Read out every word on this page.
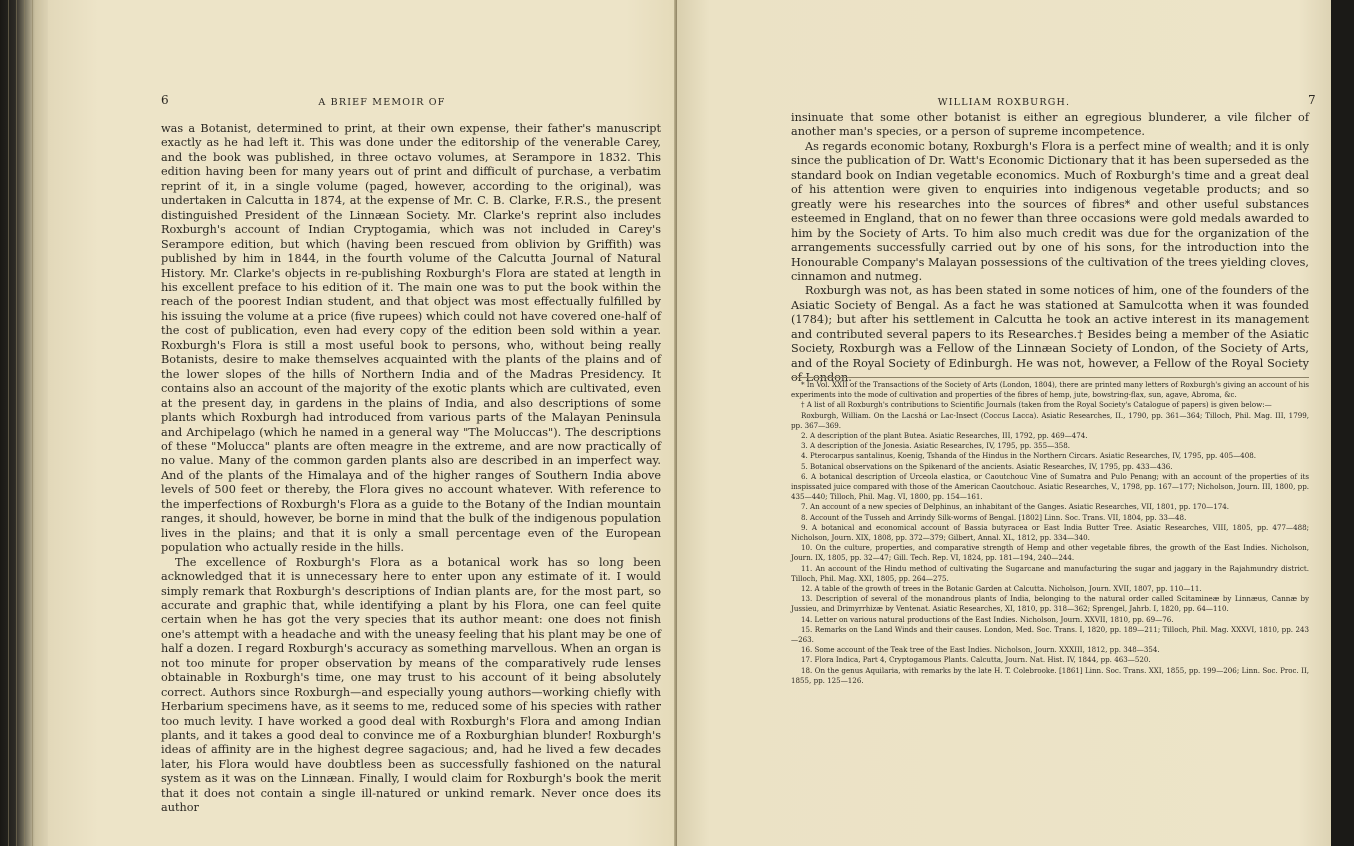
6	A BRIEF MEMOIR OF

was a Botanist, determined to print, at their own expense, their father's manuscript exactly as he had left it. This was done under the editorship of the venerable Carey, and the book was published, in three octavo volumes, at Serampore in 1832. This edition having been for many years out of print and difficult of purchase, a verbatim reprint of it, in a single volume (paged, however, according to the original), was undertaken in Calcutta in 1874, at the expense of Mr. C. B. Clarke, F.R.S., the present distinguished President of the Linnæan Society. Mr. Clarke's reprint also includes Roxburgh's account of Indian Cryptogamia, which was not included in Carey's Serampore edition, but which (having been rescued from oblivion by Griffith) was published by him in 1844, in the fourth volume of the Calcutta Journal of Natural History. Mr. Clarke's objects in re-publishing Roxburgh's Flora are stated at length in his excellent preface to his edition of it. The main one was to put the book within the reach of the poorest Indian student, and that object was most effectually fulfilled by his issuing the volume at a price (five rupees) which could not have covered one-half of the cost of publication, even had every copy of the edition been sold within a year. Roxburgh's Flora is still a most useful book to persons, who, without being really Botanists, desire to make themselves acquainted with the plants of the plains and of the lower slopes of the hills of Northern India and of the Madras Presidency. It contains also an account of the majority of the exotic plants which are cultivated, even at the present day, in gardens in the plains of India, and also descriptions of some plants which Roxburgh had introduced from various parts of the Malayan Peninsula and Archipelago (which he named in a general way "The Moluccas"). The descriptions of these "Molucca" plants are often meagre in the extreme, and are now practically of no value. Many of the common garden plants also are described in an imperfect way. And of the plants of the Himalaya and of the higher ranges of Southern India above levels of 500 feet or thereby, the Flora gives no account whatever. With reference to the imperfections of Roxburgh's Flora as a guide to the Botany of the Indian mountain ranges, it should, however, be borne in mind that the bulk of the indigenous population lives in the plains; and that it is only a small percentage even of the European population who actually reside in the hills.

The excellence of Roxburgh's Flora as a botanical work has so long been acknowledged that it is unnecessary here to enter upon any estimate of it. I would simply remark that Roxburgh's descriptions of Indian plants are, for the most part, so accurate and graphic that, while identifying a plant by his Flora, one can feel quite certain when he has got the very species that its author meant: one does not finish one's attempt with a headache and with the uneasy feeling that his plant may be one of half a dozen. I regard Roxburgh's accuracy as something marvellous. When an organ is not too minute for proper observation by means of the comparatively rude lenses obtainable in Roxburgh's time, one may trust to his account of it being absolutely correct. Authors since Roxburgh—and especially young authors—working chiefly with Herbarium specimens have, as it seems to me, reduced some of his species with rather too much levity. I have worked a good deal with Roxburgh's Flora and among Indian plants, and it takes a good deal to convince me of a Roxburghian blunder! Roxburgh's ideas of affinity are in the highest degree sagacious; and, had he lived a few decades later, his Flora would have doubtless been as successfully fashioned on the natural system as it was on the Linnæan. Finally, I would claim for Roxburgh's book the merit that it does not contain a single ill-natured or unkind remark. Never once does its author

7
WILLIAM ROXBURGH.

insinuate that some other botanist is either an egregious blunderer, a vile filcher of another man's species, or a person of supreme incompetence.

As regards economic botany, Roxburgh's Flora is a perfect mine of wealth; and it is only since the publication of Dr. Watt's Economic Dictionary that it has been superseded as the standard book on Indian vegetable economics. Much of Roxburgh's time and a great deal of his attention were given to enquiries into indigenous vegetable products; and so greatly were his researches into the sources of fibres* and other useful substances esteemed in England, that on no fewer than three occasions were gold medals awarded to him by the Society of Arts. To him also much credit was due for the organization of the arrangements successfully carried out by one of his sons, for the introduction into the Honourable Company's Malayan possessions of the cultivation of the trees yielding cloves, cinnamon and nutmeg.

Roxburgh was not, as has been stated in some notices of him, one of the founders of the Asiatic Society of Bengal. As a fact he was stationed at Samulcotta when it was founded (1784); but after his settlement in Calcutta he took an active interest in its management and contributed several papers to its Researches.† Besides being a member of the Asiatic Society, Roxburgh was a Fellow of the Linnæan Society of London, of the Society of Arts, and of the Royal Society of Edinburgh. He was not, however, a Fellow of the Royal Society

* In Vol. XXII of the Transactions of the Society of Arts (London, 1804), there are printed many letters of Roxburgh's giving an account of his experiments into the mode of cultivation and properties of the fibres of hemp, jute, bowstring-flax, sun, agave, Abroma, &c.

† A list of all Roxburgh's contributions to Scientific Journals (taken from the Royal Society's Catalogue of papers) is given below:—

Roxburgh, William. On the Lacshá or Lac-Insect (Coccus Lacca). Asiatic Researches, II., 1790, pp. 361—364; Tilloch, Phil. Mag. III, 1799, pp. 367—369.

2. A description of the plant Butea. Asiatic Researches, III, 1792, pp. 469—474.

3. A description of the Jonesia. Asiatic Researches, IV, 1795, pp. 355—358.

4. Pterocarpus santalinus, Koenig, Tshanda of the Hindus in the Northern Circars. Asiatic Researches, IV, 1795, pp. 405—408.

5. Botanical observations on the Spikenard of the ancients. Asiatic Researches, IV, 1795, pp. 433—436.

6. A botanical description of Urceola elastica, or Caoutchouc Vine of Sumatra and Pulo Penang; with an account of the properties of its inspissated juice compared with those of the American Caoutchouc. Asiatic Researches, V., 1798, pp. 167—177; Nicholson, Journ. III, 1800, pp. 435—440; Tilloch, Phil. Mag. VI, 1800, pp. 154—161.

7. An account of a new species of Delphinus, an inhabitant of the Ganges. Asiatic Researches, VII, 1801, pp. 170—174.

8. Account of the Tusseh and Arrindy Silk-worms of Bengal. [1802] Linn. Soc. Trans. VII, 1804, pp. 33—48.

9. A botanical and economical account of Bassia butyracea or East India Butter Tree. Asiatic Researches, VIII, 1805, pp. 477—488; Nicholson, Journ. XIX, 1808, pp. 372—379; Gilbert, Annal. XL, 1812, pp. 334—340.

10. On the culture, properties, and comparative strength of Hemp and other vegetable fibres, the growth of the East Indies. Nicholson, Journ. IX, 1805, pp. 32—47; Gill. Tech. Rep. VI, 1824, pp. 181—194, 240—244.

11. An account of the Hindu method of cultivating the Sugarcane and manufacturing the sugar and jaggary in the Rajahmundry district. Tilloch, Phil. Mag. XXI, 1805, pp. 264—275.

12. A table of the growth of trees in the Botanic Garden at Calcutta. Nicholson, Journ. XVII, 1807, pp. 110—11.

13. Description of several of the monandrous plants of India, belonging to the natural order called Scitamineæ by Linnæus, Cannæ by Jussieu, and Drimyrrhizæ by Ventenat. Asiatic Researches, XI, 1810, pp. 318—362; Sprengel, Jahrb. I, 1820, pp. 64—110.

14. Letter on various natural productions of the East Indies. Nicholson, Journ. XXVII, 1810, pp. 69—76.

15. Remarks on the Land Winds and their causes. London, Med. Soc. Trans. I, 1820, pp. 189—211; Tilloch, Phil. Mag. XXXVI, 1810, pp. 243—263.

16. Some account of the Teak tree of the East Indies. Nicholson, Journ. XXXIII, 1812, pp. 348—354.

17. Flora Indica, Part 4, Cryptogamous Plants. Calcutta, Journ. Nat. Hist. IV, 1844, pp. 463—520.

18. On the genus Aquilaria, with remarks by the late H. T. Colebrooke. [1861] Linn. Soc. Trans. XXI, 1855, pp. 199—206; Linn. Soc. Proc. II, 1855, pp. 125—126.
